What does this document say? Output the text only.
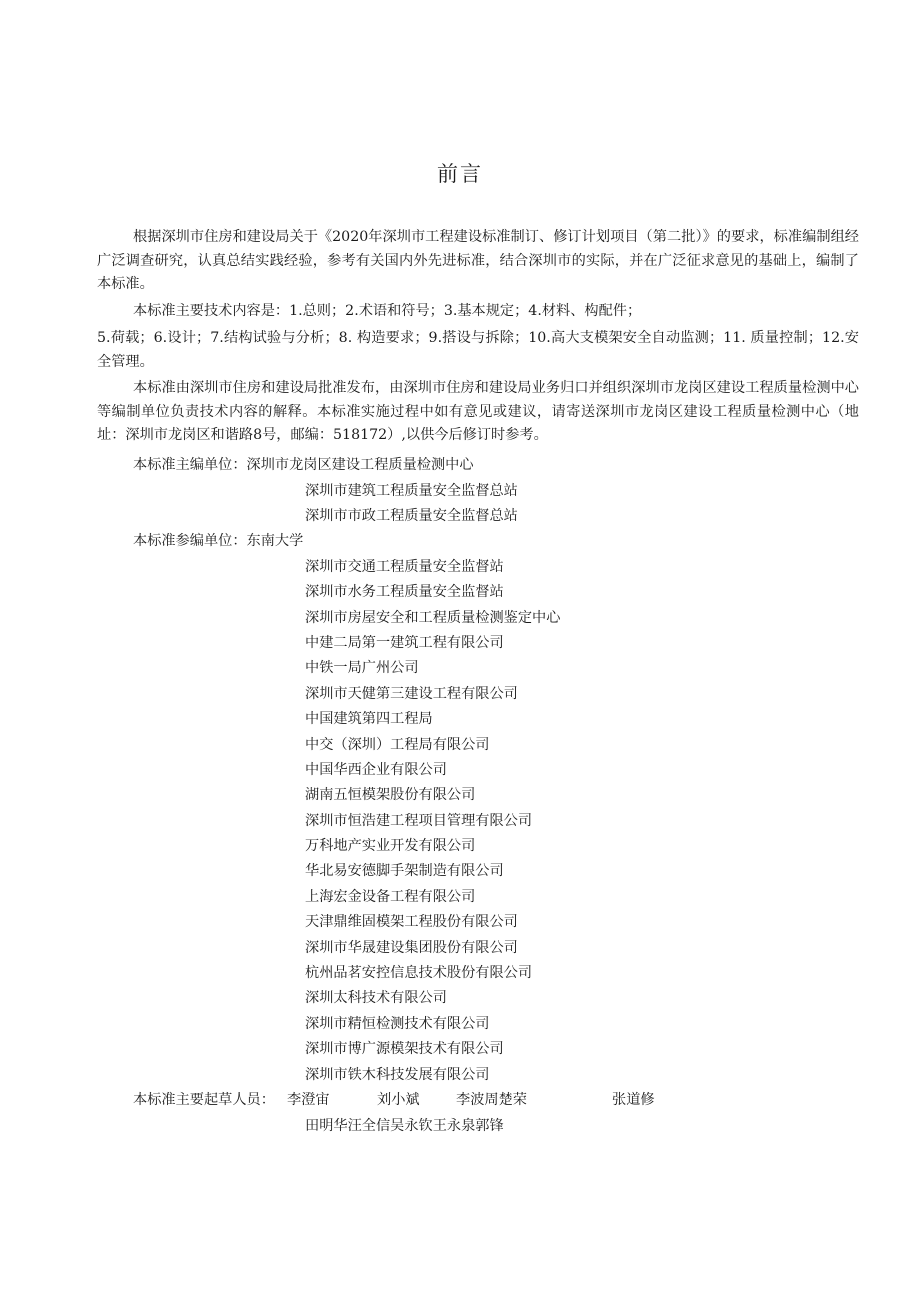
前言

根据深圳市住房和建设局关于《2020年深圳市工程建设标准制订、修订计划项目（第二批）》的要求，标准编制组经广泛调查研究，认真总结实践经验，参考有关国内外先进标准，结合深圳市的实际，并在广泛征求意见的基础上，编制了本标准。

本标准主要技术内容是：1.总则；2.术语和符号；3.基本规定；4.材料、构配件；

5.荷载；6.设计；7.结构试验与分析；8. 构造要求；9.搭设与拆除；10.高大支模架安全自动监测；11. 质量控制；12.安全管理。

本标准由深圳市住房和建设局批准发布，由深圳市住房和建设局业务归口并组织深圳市龙岗区建设工程质量检测中心等编制单位负责技术内容的解释。本标准实施过程中如有意见或建议，请寄送深圳市龙岗区建设工程质量检测中心（地址：深圳市龙岗区和谐路8号，邮编：518172）,以供今后修订时参考。

本标准主编单位：深圳市龙岗区建设工程质量检测中心
深圳市建筑工程质量安全监督总站
深圳市市政工程质量安全监督总站
本标准参编单位：东南大学
深圳市交通工程质量安全监督站
深圳市水务工程质量安全监督站
深圳市房屋安全和工程质量检测鉴定中心
中建二局第一建筑工程有限公司
中铁一局广州公司
深圳市天健第三建设工程有限公司
中国建筑第四工程局
中交（深圳）工程局有限公司
中国华西企业有限公司
湖南五恒模架股份有限公司
深圳市恒浩建工程项目管理有限公司
万科地产实业开发有限公司
华北易安德脚手架制造有限公司
上海宏金设备工程有限公司
天津鼎维固模架工程股份有限公司
深圳市华晟建设集团股份有限公司
杭州品茗安控信息技术股份有限公司
深圳太科技术有限公司
深圳市精恒检测技术有限公司
深圳市博广源模架技术有限公司
深圳市铁木科技发展有限公司
本标准主要起草人员： 李澄宙	刘小斌	李波周楚荣	张道修
田明华汪全信吴永钦王永泉郭锋
